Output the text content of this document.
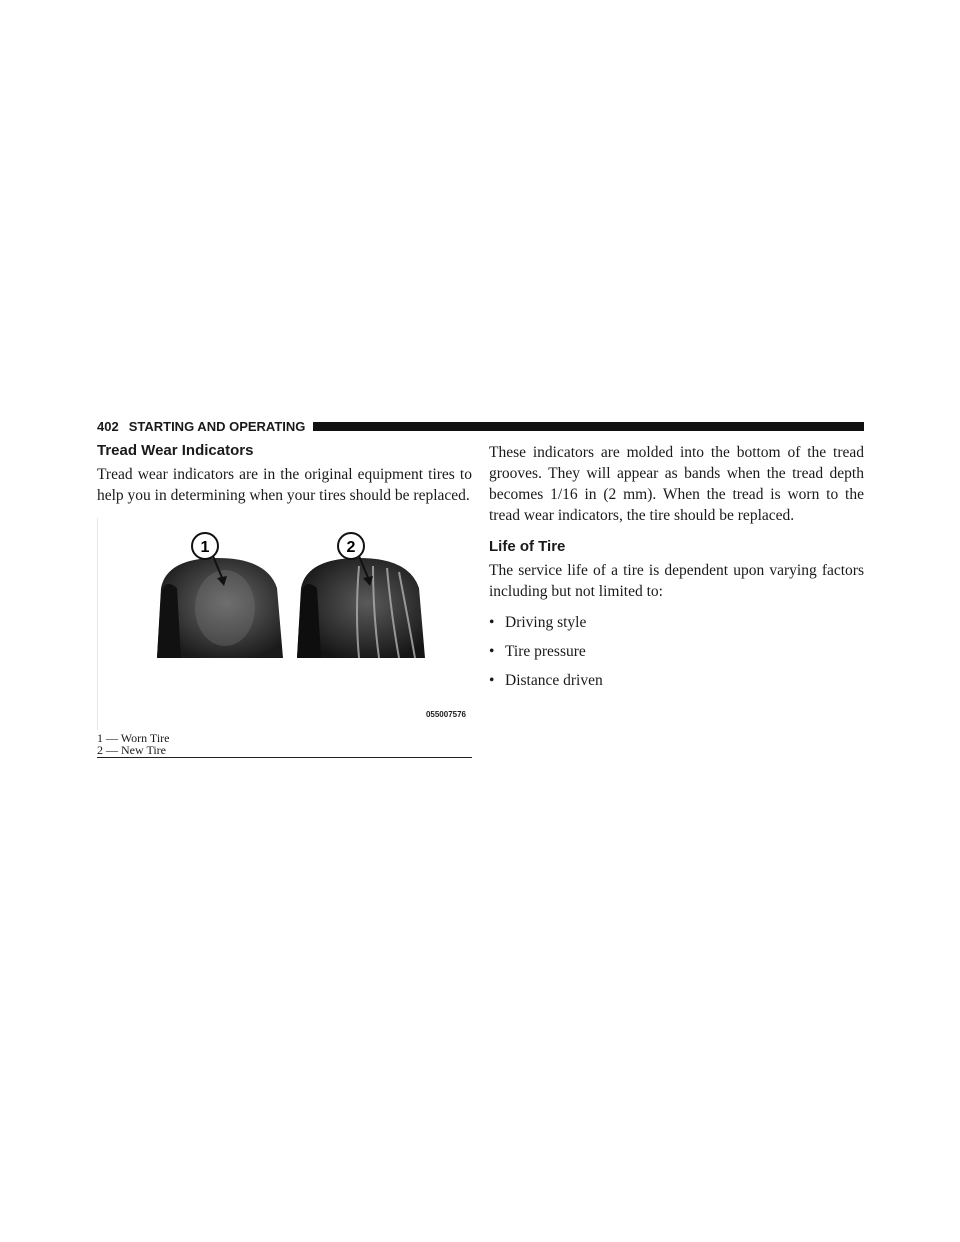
402 STARTING AND OPERATING
Tread Wear Indicators

Tread wear indicators are in the original equipment tires to help you in determining when your tires should be replaced.

1	2
055007576
1 — Worn Tire
2 — New Tire

These indicators are molded into the bottom of the tread grooves. They will appear as bands when the tread depth becomes 1/16 in (2 mm). When the tread is worn to the tread wear indicators, the tire should be replaced.

Life of Tire

The service life of a tire is dependent upon varying factors including but not limited to:

• Driving style
• Tire pressure
• Distance driven
